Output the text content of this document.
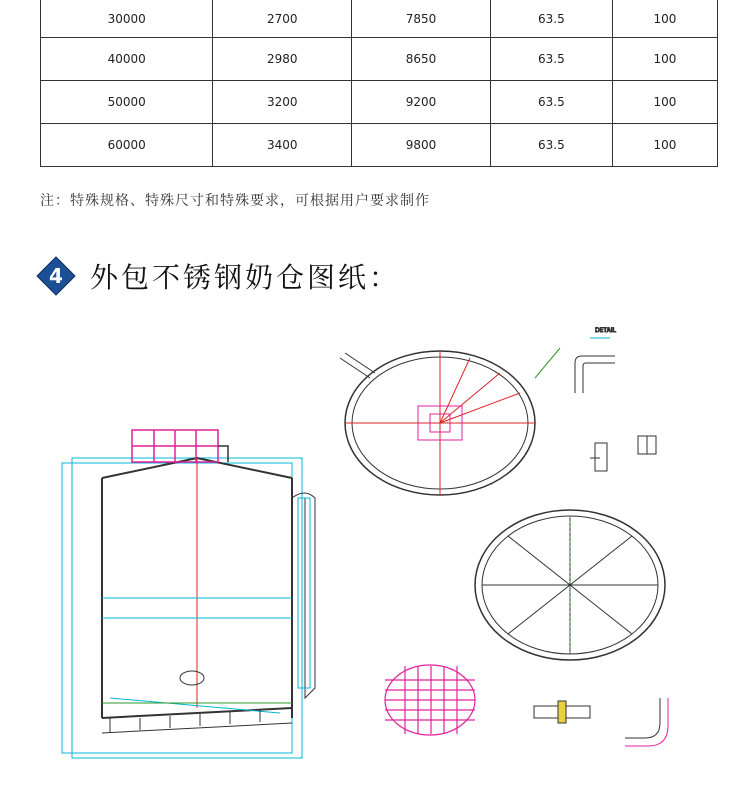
30000	2700	7850	63.5	100
40000	2980	8650	63.5	100
50000	3200	9200	63.5	100
60000	3400	9800	63.5	100
注：特殊规格、特殊尺寸和特殊要求，可根据用户要求制作
4 外包不锈钢奶仓图纸：
DETAIL
